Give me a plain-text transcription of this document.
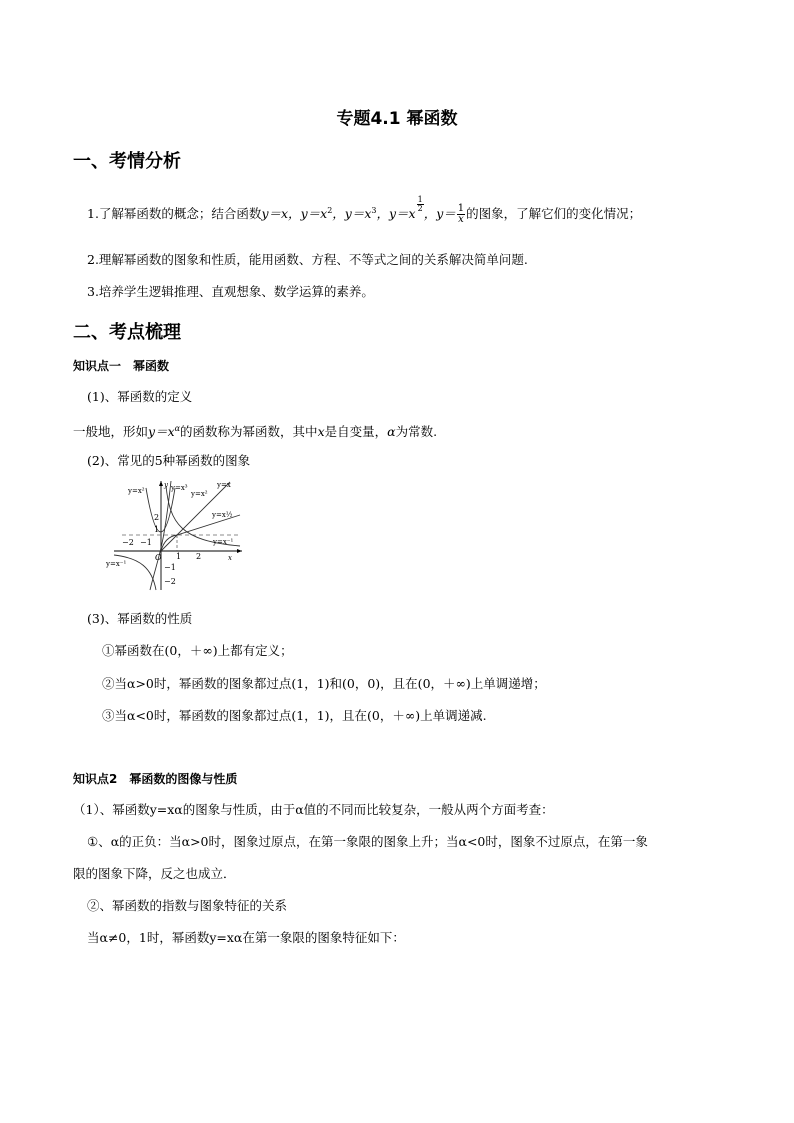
专题4.1 幂函数
一、考情分析
1.了解幂函数的概念；结合函数y＝x，$y=x^2$，$y=x^3$，y＝x
$\frac{1}{2}$
，$y= \frac{1}{x}$ 的图象，了解它们的变化情况；
2.理解幂函数的图象和性质，能用函数、方程、不等式之间的关系解决简单问题.
3.培养学生逻辑推理、直观想象、数学运算的素养。
二、考点梳理
知识点一　幂函数
(1)、幂函数的定义
一般地，形如$y=x^\alpha$的函数称为幂函数，其中x是自变量，α为常数.
(2)、常见的5种幂函数的图象
y=x²	y=x³
y=x²
y=x
y=x½
y=x⁻¹
y=x⁻¹
y
x
O
−2 −1
1 2
2
1
−1
−2
(3)、幂函数的性质
①幂函数在(0，＋∞)上都有定义；
②当α>0时，幂函数的图象都过点(1，1)和(0，0)，且在(0，＋∞)上单调递增；
③当α<0时，幂函数的图象都过点(1，1)，且在(0，＋∞)上单调递减.
知识点2　幂函数的图像与性质
（1）、幂函数y=xα的图象与性质，由于α值的不同而比较复杂，一般从两个方面考查：
①、α的正负：当α>0时，图象过原点，在第一象限的图象上升；当α<0时，图象不过原点，在第一象
限的图象下降，反之也成立．
②、幂函数的指数与图象特征的关系
当α≠0，1时，幂函数y=xα在第一象限的图象特征如下：
